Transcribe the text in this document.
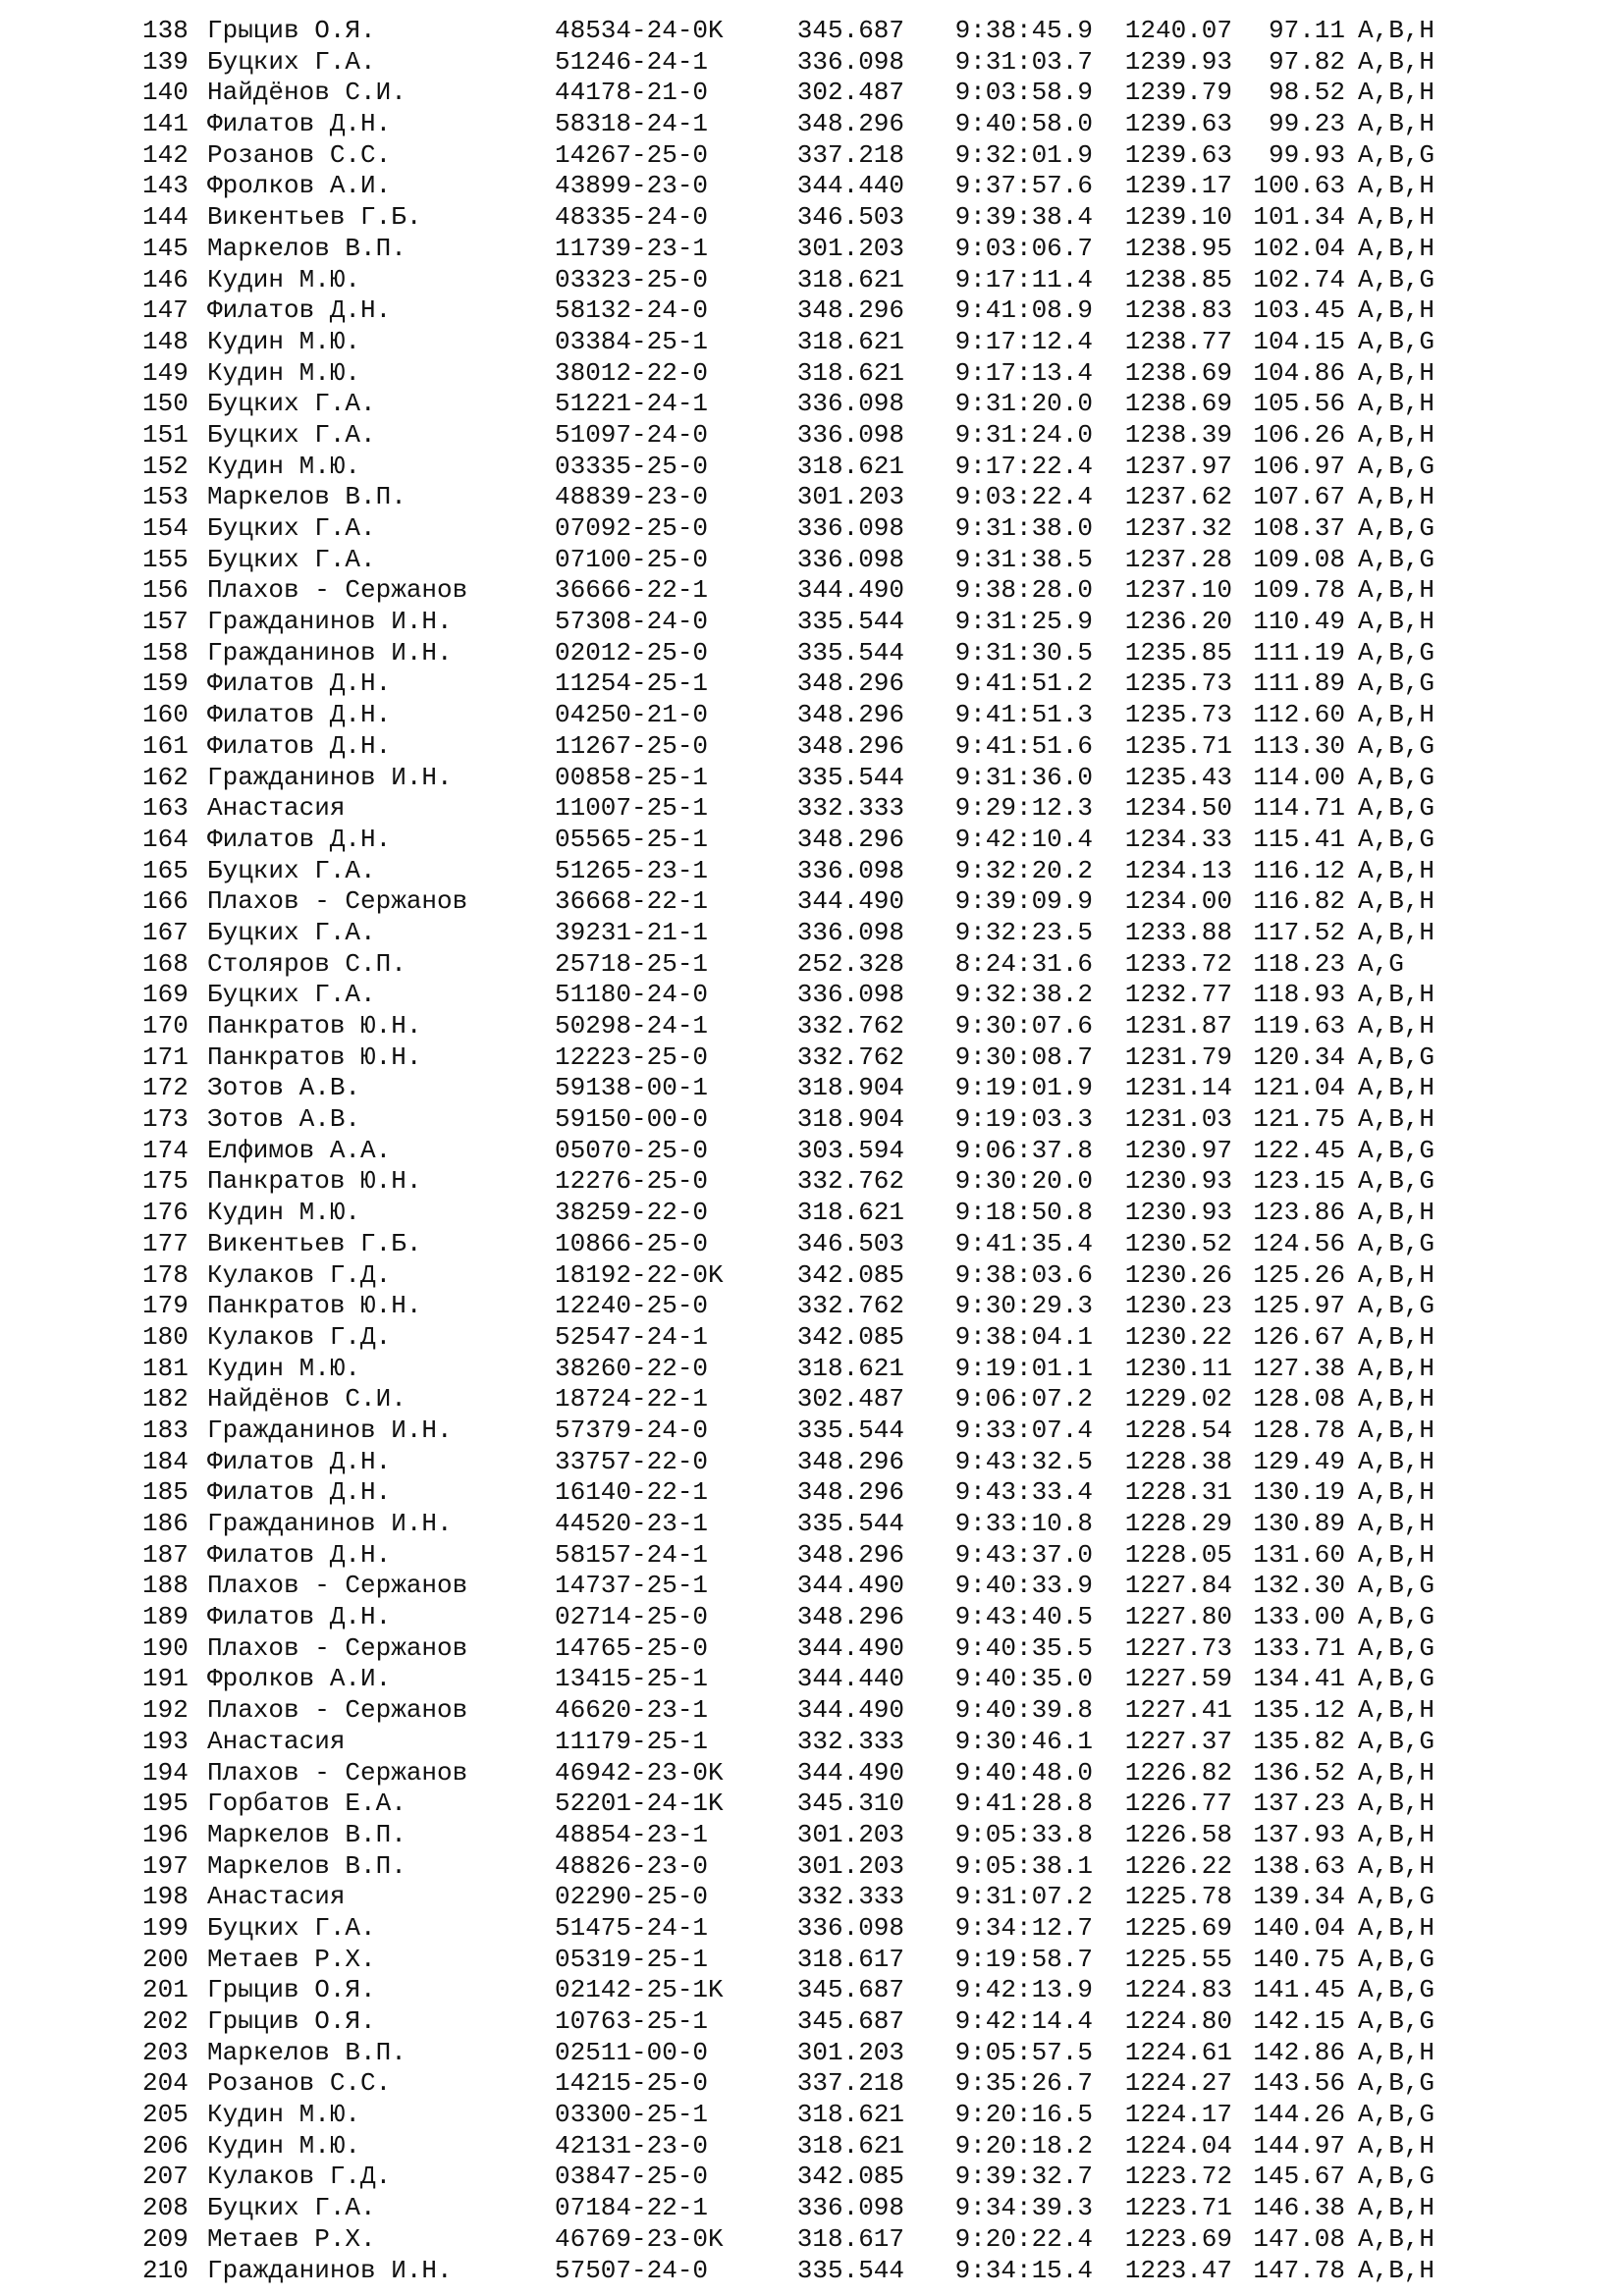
138 Грыцив О.Я.	48534-24-0K	345.687	9:38:45.9	1240.07	97.11 A,B,H
139 Буцких Г.А.	51246-24-1	336.098	9:31:03.7	1239.93	97.82 A,B,H
140 Найдёнов С.И.	44178-21-0	302.487	9:03:58.9	1239.79	98.52 A,B,H
141 Филатов Д.Н.	58318-24-1	348.296	9:40:58.0	1239.63	99.23 A,B,H
142 Розанов С.С.	14267-25-0	337.218	9:32:01.9	1239.63	99.93 A,B,G
143 Фролков А.И.	43899-23-0	344.440	9:37:57.6	1239.17 100.63 A,B,H
144 Викентьев Г.Б.	48335-24-0	346.503	9:39:38.4	1239.10 101.34 A,B,H
145 Маркелов В.П.	11739-23-1	301.203	9:03:06.7	1238.95 102.04 A,B,H
146 Кудин М.Ю.	03323-25-0	318.621	9:17:11.4	1238.85 102.74 A,B,G
147 Филатов Д.Н.	58132-24-0	348.296	9:41:08.9	1238.83 103.45 A,B,H
148 Кудин М.Ю.	03384-25-1	318.621	9:17:12.4	1238.77 104.15 A,B,G
149 Кудин М.Ю.	38012-22-0	318.621	9:17:13.4	1238.69 104.86 A,B,H
150 Буцких Г.А.	51221-24-1	336.098	9:31:20.0	1238.69 105.56 A,B,H
151 Буцких Г.А.	51097-24-0	336.098	9:31:24.0	1238.39 106.26 A,B,H
152 Кудин М.Ю.	03335-25-0	318.621	9:17:22.4	1237.97 106.97 A,B,G
153 Маркелов В.П.	48839-23-0	301.203	9:03:22.4	1237.62 107.67 A,B,H
154 Буцких Г.А.	07092-25-0	336.098	9:31:38.0	1237.32 108.37 A,B,G
155 Буцких Г.А.	07100-25-0	336.098	9:31:38.5	1237.28 109.08 A,B,G
156 Плахов - Сержанов	36666-22-1	344.490	9:38:28.0	1237.10 109.78 A,B,H
157 Гражданинов И.Н.	57308-24-0	335.544	9:31:25.9	1236.20 110.49 A,B,H
158 Гражданинов И.Н.	02012-25-0	335.544	9:31:30.5	1235.85 111.19 A,B,G
159 Филатов Д.Н.	11254-25-1	348.296	9:41:51.2	1235.73 111.89 A,B,G
160 Филатов Д.Н.	04250-21-0	348.296	9:41:51.3	1235.73 112.60 A,B,H
161 Филатов Д.Н.	11267-25-0	348.296	9:41:51.6	1235.71 113.30 A,B,G
162 Гражданинов И.Н.	00858-25-1	335.544	9:31:36.0	1235.43 114.00 A,B,G
163 Анастасия	11007-25-1	332.333	9:29:12.3	1234.50 114.71 A,B,G
164 Филатов Д.Н.	05565-25-1	348.296	9:42:10.4	1234.33 115.41 A,B,G
165 Буцких Г.А.	51265-23-1	336.098	9:32:20.2	1234.13 116.12 A,B,H
166 Плахов - Сержанов	36668-22-1	344.490	9:39:09.9	1234.00 116.82 A,B,H
167 Буцких Г.А.	39231-21-1	336.098	9:32:23.5	1233.88 117.52 A,B,H
168 Столяров С.П.	25718-25-1	252.328	8:24:31.6	1233.72 118.23 A,G
169 Буцких Г.А.	51180-24-0	336.098	9:32:38.2	1232.77 118.93 A,B,H
170 Панкратов Ю.Н.	50298-24-1	332.762	9:30:07.6	1231.87 119.63 A,B,H
171 Панкратов Ю.Н.	12223-25-0	332.762	9:30:08.7	1231.79 120.34 A,B,G
172 Зотов А.В.	59138-00-1	318.904	9:19:01.9	1231.14 121.04 A,B,H
173 Зотов А.В.	59150-00-0	318.904	9:19:03.3	1231.03 121.75 A,B,H
174 Елфимов А.А.	05070-25-0	303.594	9:06:37.8	1230.97 122.45 A,B,G
175 Панкратов Ю.Н.	12276-25-0	332.762	9:30:20.0	1230.93 123.15 A,B,G
176 Кудин М.Ю.	38259-22-0	318.621	9:18:50.8	1230.93 123.86 A,B,H
177 Викентьев Г.Б.	10866-25-0	346.503	9:41:35.4	1230.52 124.56 A,B,G
178 Кулаков Г.Д.	18192-22-0K	342.085	9:38:03.6	1230.26 125.26 A,B,H
179 Панкратов Ю.Н.	12240-25-0	332.762	9:30:29.3	1230.23 125.97 A,B,G
180 Кулаков Г.Д.	52547-24-1	342.085	9:38:04.1	1230.22 126.67 A,B,H
181 Кудин М.Ю.	38260-22-0	318.621	9:19:01.1	1230.11 127.38 A,B,H
182 Найдёнов С.И.	18724-22-1	302.487	9:06:07.2	1229.02 128.08 A,B,H
183 Гражданинов И.Н.	57379-24-0	335.544	9:33:07.4	1228.54 128.78 A,B,H
184 Филатов Д.Н.	33757-22-0	348.296	9:43:32.5	1228.38 129.49 A,B,H
185 Филатов Д.Н.	16140-22-1	348.296	9:43:33.4	1228.31 130.19 A,B,H
186 Гражданинов И.Н.	44520-23-1	335.544	9:33:10.8	1228.29 130.89 A,B,H
187 Филатов Д.Н.	58157-24-1	348.296	9:43:37.0	1228.05 131.60 A,B,H
188 Плахов - Сержанов	14737-25-1	344.490	9:40:33.9	1227.84 132.30 A,B,G
189 Филатов Д.Н.	02714-25-0	348.296	9:43:40.5	1227.80 133.00 A,B,G
190 Плахов - Сержанов	14765-25-0	344.490	9:40:35.5	1227.73 133.71 A,B,G
191 Фролков А.И.	13415-25-1	344.440	9:40:35.0	1227.59 134.41 A,B,G
192 Плахов - Сержанов	46620-23-1	344.490	9:40:39.8	1227.41 135.12 A,B,H
193 Анастасия	11179-25-1	332.333	9:30:46.1	1227.37 135.82 A,B,G
194 Плахов - Сержанов	46942-23-0K	344.490	9:40:48.0	1226.82 136.52 A,B,H
195 Горбатов Е.А.	52201-24-1K	345.310	9:41:28.8	1226.77 137.23 A,B,H
196 Маркелов В.П.	48854-23-1	301.203	9:05:33.8	1226.58 137.93 A,B,H
197 Маркелов В.П.	48826-23-0	301.203	9:05:38.1	1226.22 138.63 A,B,H
198 Анастасия	02290-25-0	332.333	9:31:07.2	1225.78 139.34 A,B,G
199 Буцких Г.А.	51475-24-1	336.098	9:34:12.7	1225.69 140.04 A,B,H
200 Метаев Р.Х.	05319-25-1	318.617	9:19:58.7	1225.55 140.75 A,B,G
201 Грыцив О.Я.	02142-25-1K	345.687	9:42:13.9	1224.83 141.45 A,B,G
202 Грыцив О.Я.	10763-25-1	345.687	9:42:14.4	1224.80 142.15 A,B,G
203 Маркелов В.П.	02511-00-0	301.203	9:05:57.5	1224.61 142.86 A,B,H
204 Розанов С.С.	14215-25-0	337.218	9:35:26.7	1224.27 143.56 A,B,G
205 Кудин М.Ю.	03300-25-1	318.621	9:20:16.5	1224.17 144.26 A,B,G
206 Кудин М.Ю.	42131-23-0	318.621	9:20:18.2	1224.04 144.97 A,B,H
207 Кулаков Г.Д.	03847-25-0	342.085	9:39:32.7	1223.72 145.67 A,B,G
208 Буцких Г.А.	07184-22-1	336.098	9:34:39.3	1223.71 146.38 A,B,H
209 Метаев Р.Х.	46769-23-0K	318.617	9:20:22.4	1223.69 147.08 A,B,H
210 Гражданинов И.Н.	57507-24-0	335.544	9:34:15.4	1223.47 147.78 A,B,H
